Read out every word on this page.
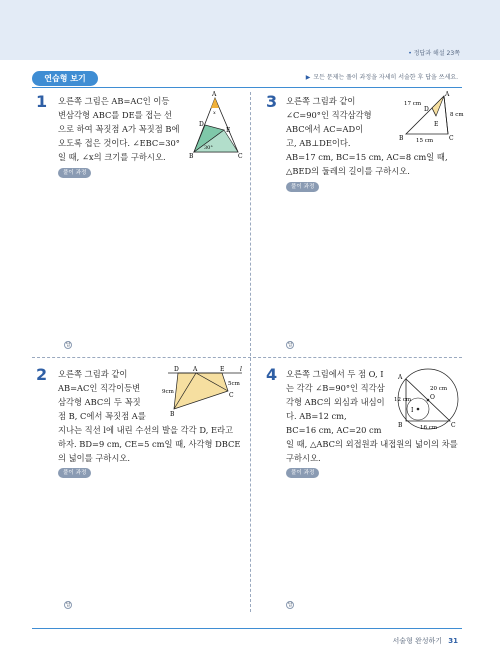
• 정답과 해설 23쪽
연습형 보기	▶ 모든 문제는 풀이 과정을 자세히 서술한 후 답을 쓰세요.
1 오른쪽 그림은 AB=AC인 이등
변삼각형 ABC를 DE를 접는 선
으로 하여 꼭짓점 A가 꼭짓점 B에
오도록 접은 것이다. ∠EBC=30°
일 때, ∠x의 크기를 구하시오.
A
B	C
D
E
x
30°
풀이 과정
답
3 오른쪽 그림과 같이
∠C=90°인 직각삼각형
ABC에서 AC=AD이
고, AB⊥DE이다.
AB=17 cm, BC=15 cm, AC=8 cm일 때,
△BED의 둘레의 길이를 구하시오.
A
B	C
D
E
17 cm
8 cm
15 cm
풀이 과정
답
2 오른쪽 그림과 같이
AB=AC인 직각이등변
삼각형 ABC의 두 꼭짓
점 B, C에서 꼭짓점 A를
지나는 직선 l에 내린 수선의 발을 각각 D, E라고
하자. BD=9 cm, CE=5 cm일 때, 사각형 DBCE
의 넓이를 구하시오.
D A	E	l
B
C
9cm
5cm
풀이 과정
답
4 오른쪽 그림에서 두 점 O, I
는 각각 ∠B=90°인 직각삼
각형 ABC의 외심과 내심이
다. AB=12 cm,
BC=16 cm, AC=20 cm
일 때, △ABC의 외접원과 내접원의 넓이의 차를
구하시오.
A
B	C
O
I
12 cm
20 cm
16 cm
풀이 과정
답
서술형 완성하기 31
